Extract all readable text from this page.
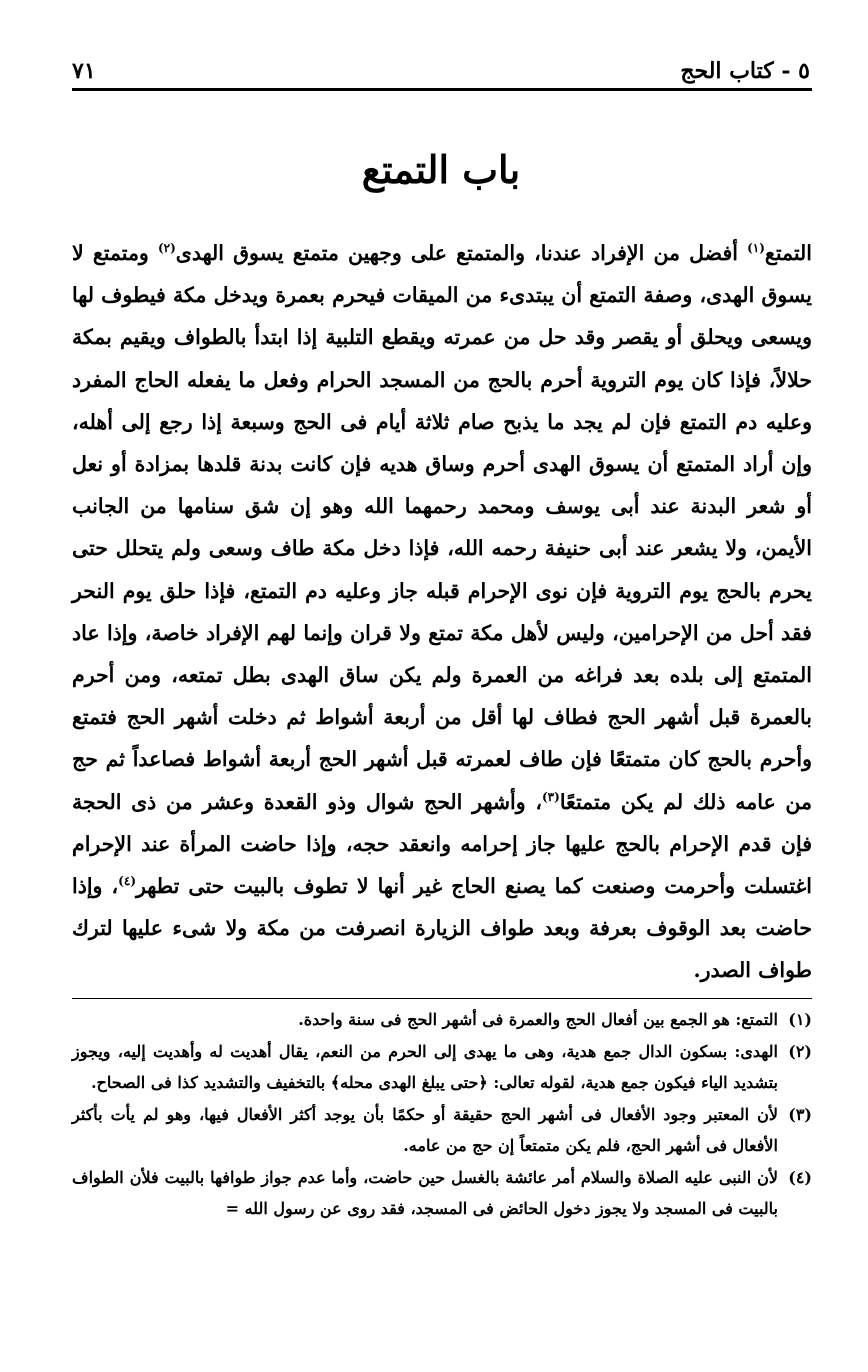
٥ - كتاب الحج
٧١
باب التمتع
التمتع$^{(١)}$ أفضل من الإفراد عندنا، والمتمتع على وجهين متمتع يسوق الهدى$^{(٢)}$ ومتمتع لا يسوق الهدى، وصفة التمتع أن يبتدىء من الميقات فيحرم بعمرة ويدخل مكة فيطوف لها ويسعى ويحلق أو يقصر وقد حل من عمرته ويقطع التلبية إذا ابتدأ بالطواف ويقيم بمكة حلالاً، فإذا كان يوم التروية أحرم بالحج من المسجد الحرام وفعل ما يفعله الحاج المفرد وعليه دم التمتع فإن لم يجد ما يذبح صام ثلاثة أيام فى الحج وسبعة إذا رجع إلى أهله، وإن أراد المتمتع أن يسوق الهدى أحرم وساق هديه فإن كانت بدنة قلدها بمزادة أو نعل أو شعر البدنة عند أبى يوسف ومحمد رحمهما الله وهو إن شق سنامها من الجانب الأيمن، ولا يشعر عند أبى حنيفة رحمه الله، فإذا دخل مكة طاف وسعى ولم يتحلل حتى يحرم بالحج يوم التروية فإن نوى الإحرام قبله جاز وعليه دم التمتع، فإذا حلق يوم النحر فقد أحل من الإحرامين، وليس لأهل مكة تمتع ولا قران وإنما لهم الإفراد خاصة، وإذا عاد المتمتع إلى بلده بعد فراغه من العمرة ولم يكن ساق الهدى بطل تمتعه، ومن أحرم بالعمرة قبل أشهر الحج فطاف لها أقل من أربعة أشواط ثم دخلت أشهر الحج فتمتع وأحرم بالحج كان متمتعًا فإن طاف لعمرته قبل أشهر الحج أربعة أشواط فصاعداً ثم حج من عامه ذلك لم يكن متمتعًا$^{(٣)}$، وأشهر الحج شوال وذو القعدة وعشر من ذى الحجة فإن قدم الإحرام بالحج عليها جاز إحرامه وانعقد حجه، وإذا حاضت المرأة عند الإحرام اغتسلت وأحرمت وصنعت كما يصنع الحاج غير أنها لا تطوف بالبيت حتى تطهر$^{(٤)}$، وإذا حاضت بعد الوقوف بعرفة وبعد طواف الزيارة انصرفت من مكة ولا شىء عليها لترك طواف الصدر.
(١)
التمتع: هو الجمع بين أفعال الحج والعمرة فى أشهر الحج فى سنة واحدة.
(٢)
الهدى: بسكون الدال جمع هدية، وهى ما يهدى إلى الحرم من النعم، يقال أهديت له وأهديت إليه، ويجوز بتشديد الياء فيكون جمع هدية، لقوله تعالى: ﴿حتى يبلغ الهدى محله﴾ بالتخفيف والتشديد كذا فى الصحاح.
(٣)
لأن المعتبر وجود الأفعال فى أشهر الحج حقيقة أو حكمًا بأن يوجد أكثر الأفعال فيها، وهو لم يأت بأكثر الأفعال فى أشهر الحج، فلم يكن متمتعاً إن حج من عامه.
(٤)
لأن النبى عليه الصلاة والسلام أمر عائشة بالغسل حين حاضت، وأما عدم جواز طوافها بالبيت فلأن الطواف بالبيت فى المسجد ولا يجوز دخول الحائض فى المسجد، فقد روى عن رسول الله =
